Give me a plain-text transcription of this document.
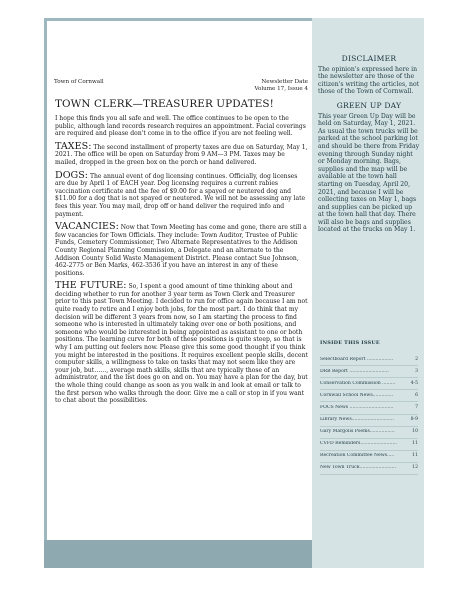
Town of Cornwall	Newsletter Date
Volume 17, Issue 4
TOWN CLERK—TREASURER UPDATES!

I hope this finds you all safe and well. The office continues to be open to the public, although land records research requires an appointment. Facial coverings are required and please don't come in to the office if you are not feeling well.

TAXES: The second installment of property taxes are due on Saturday, May 1, 2021. The office will be open on Saturday from 9 AM—3 PM. Taxes may be mailed, dropped in the green box on the porch or hand delivered.

DOGS: The annual event of dog licensing continues. Officially, dog licenses are due by April 1 of EACH year. Dog licensing requires a current rabies vaccination certificate and the fee of $9.00 for a spayed or neutered dog and $11.00 for a dog that is not spayed or neutered. We will not be assessing any late fees this year. You may mail, drop off or hand deliver the required info and payment.

VACANCIES: Now that Town Meeting has come and gone, there are still a few vacancies for Town Officials. They include: Town Auditor, Trustee of Public Funds, Cemetery Commissioner, Two Alternate Representatives to the Addison County Regional Planning Commission, a Delegate and an alternate to the Addison County Solid Waste Management District. Please contact Sue Johnson, 462-2775 or Ben Marks, 462-3536 if you have an interest in any of these positions.

THE FUTURE: So, I spent a good amount of time thinking about and deciding whether to run for another 3 year term as Town Clerk and Treasurer prior to this past Town Meeting. I decided to run for office again because I am not quite ready to retire and I enjoy both jobs, for the most part. I do think that my decision will be different 3 years from now, so I am starting the process to find someone who is interested in ultimately taking over one or both positions, and someone who would be interested in being appointed as assistant to one or both positions. The learning curve for both of these positions is quite steep, so that is why I am putting out feelers now. Please give this some good thought if you think you might be interested in the positions. It requires excellent people skills, decent computer skills, a willingness to take on tasks that may not seem like they are your job, but……, average math skills, skills that are typically those of an administrator, and the list does go on and on. You may have a plan for the day, but the whole thing could change as soon as you walk in and look at email or talk to the first person who walks through the door. Give me a call or stop in if you want to chat about the possibilities.

DISCLAIMER

The opinion's expressed here in the newsletter are those of the citizen's writing the articles, not those of the Town of Cornwall.

GREEN UP DAY

This year Green Up Day will be held on Saturday, May 1, 2021. As usual the town trucks will be parked at the school parking lot and should be there from Friday evening through Sunday night or Monday morning. Bags, supplies and the map will be available at the town hall starting on Tuesday, April 20, 2021, and because I will be collecting taxes on May 1, bags and supplies can be picked up at the town hall that day. There will also be bags and supplies located at the trucks on May 1.

INSIDE THIS ISSUE
Selectboard Report ..................	2
DRB Report ...........................	3
Conservation Commission .........	4-5
Cornwall School News..............	6
FOCS News ..............................	7
Library News.............................	8-9
Gary Margolis Poems.................	10
CVFD Reminders.........................	11
Recreation Committee News.....	11
New Town Truck.........................	12
